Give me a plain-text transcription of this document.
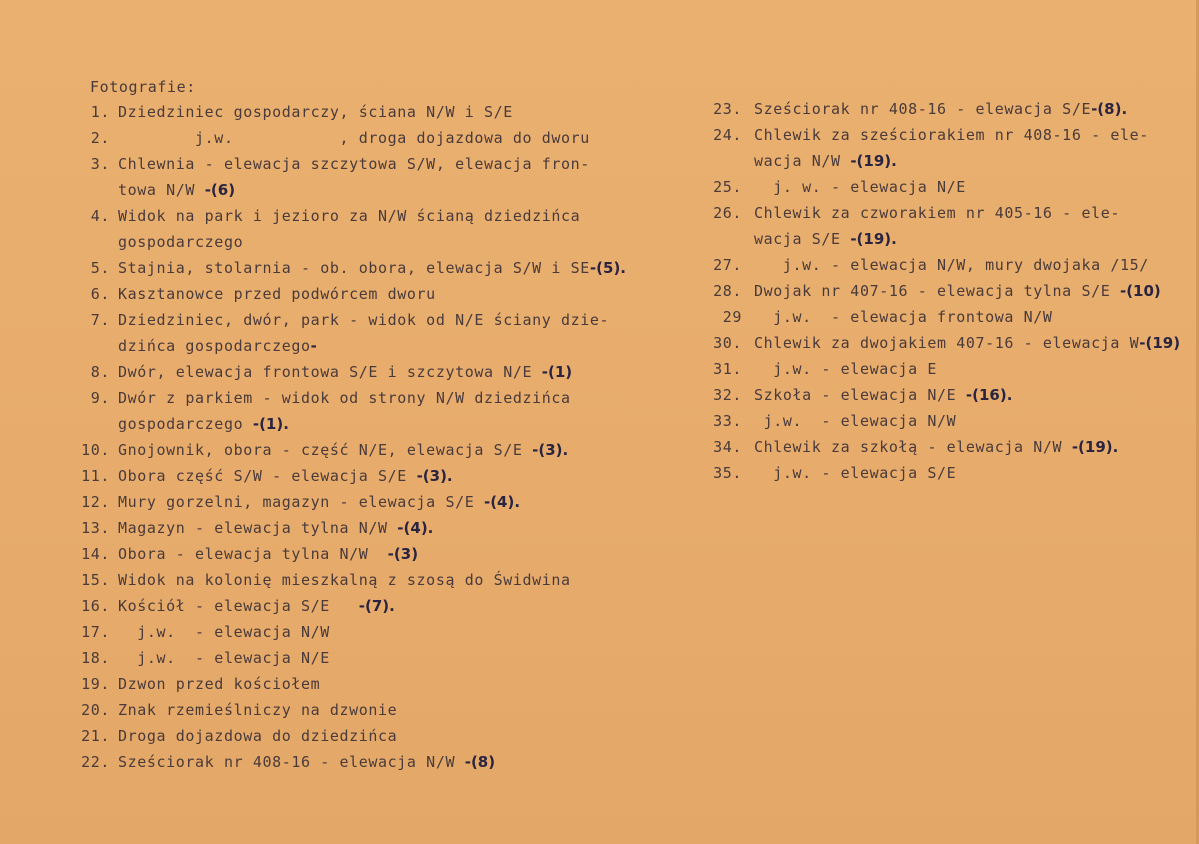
Fotografie:
1. Dziedziniec gospodarczy, ściana N/W i S/E
2. j.w.           , droga dojazdowa do dworu
3. Chlewnia - elewacja szczytowa S/W, elewacja fron-
towa N/W -(6)
4. Widok na park i jezioro za N/W ścianą dziedzińca
gospodarczego
5. Stajnia, stolarnia - ob. obora, elewacja S/W i SE-(5).
6. Kasztanowce przed podwórcem dworu
7. Dziedziniec, dwór, park - widok od N/E ściany dzie-
dzińca gospodarczego-
8. Dwór, elewacja frontowa S/E i szczytowa N/E -(1)
9. Dwór z parkiem - widok od strony N/W dziedzińca
gospodarczego -(1).
10. Gnojownik, obora - część N/E, elewacja S/E -(3).
11. Obora część S/W - elewacja S/E -(3).
12. Mury gorzelni, magazyn - elewacja S/E -(4).
13. Magazyn - elewacja tylna N/W -(4).
14. Obora - elewacja tylna N/W  -(3)
15. Widok na kolonię mieszkalną z szosą do Świdwina
16. Kościół - elewacja S/E   -(7).
17. j.w.  - elewacja N/W
18. j.w.  - elewacja N/E
19. Dzwon przed kościołem
20. Znak rzemieślniczy na dzwonie
21. Droga dojazdowa do dziedzińca
22. Sześciorak nr 408-16 - elewacja N/W -(8)
23. Sześciorak nr 408-16 - elewacja S/E-(8).
24. Chlewik za sześciorakiem nr 408-16 - ele-
wacja N/W -(19).
25. j. w. - elewacja N/E
26. Chlewik za czworakiem nr 405-16 - ele-
wacja S/E -(19).
27. j.w. - elewacja N/W, mury dwojaka /15/
28. Dwojak nr 407-16 - elewacja tylna S/E -(10)
29 j.w.  - elewacja frontowa N/W
30. Chlewik za dwojakiem 407-16 - elewacja W-(19)
31. j.w. - elewacja E
32. Szkoła - elewacja N/E -(16).
33. j.w.  - elewacja N/W
34. Chlewik za szkołą - elewacja N/W -(19).
35. j.w. - elewacja S/E
